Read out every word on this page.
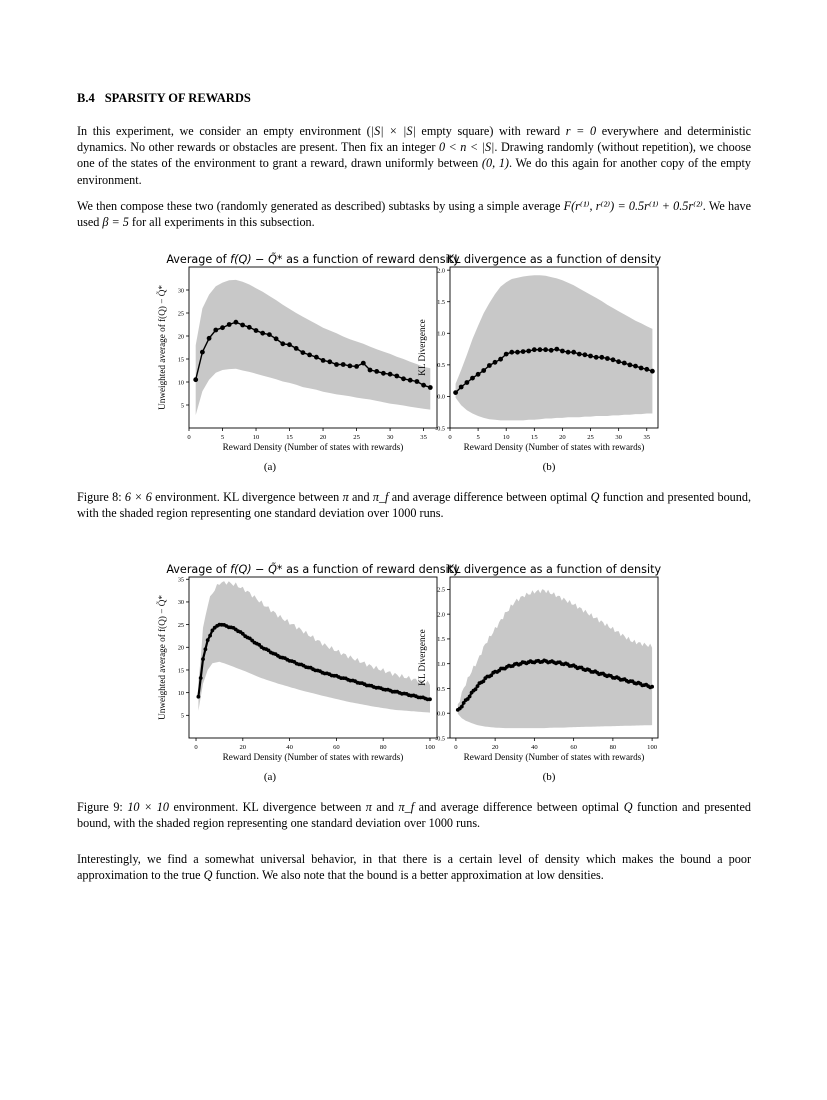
B.4 SPARSITY OF REWARDS

In this experiment, we consider an empty environment (|S| × |S| empty square) with reward r = 0 everywhere and deterministic dynamics. No other rewards or obstacles are present. Then fix an integer 0 < n < |S|. Drawing randomly (without repetition), we choose one of the states of the environment to grant a reward, drawn uniformly between (0, 1). We do this again for another copy of the empty environment.

We then compose these two (randomly generated as described) subtasks by using a simple average F(r⁽¹⁾, r⁽²⁾) = 0.5r⁽¹⁾ + 0.5r⁽²⁾. We have used β = 5 for all experiments in this subsection.

0	5	10	15	20	25	30	35
5
10
15
20
25
30
Average of f(Q) − Q̃* as a function of reward density
Reward Density (Number of states with rewards)
Unweighted average of f(Q) − Q̃*
0	5	10	15	20	25	30	35
-0.5
0.0
0.5
1.0
1.5
2.0
KL divergence as a function of density
Reward Density (Number of states with rewards)
KL Divergence
(a)	(b)

Figure 8: 6 × 6 environment. KL divergence between π and π_f and average difference between optimal Q function and presented bound, with the shaded region representing one standard deviation over 1000 runs.

0	20	40	60	80	100
5
10
15
20
25
30
35
Average of f(Q) − Q̃* as a function of reward density
Reward Density (Number of states with rewards)
Unweighted average of f(Q) − Q̃*
0	20	40	60	80	100
-0.5
0.0
0.5
1.0
1.5
2.0
2.5
KL divergence as a function of density
Reward Density (Number of states with rewards)
KL Divergence
(a)	(b)

Figure 9: 10 × 10 environment. KL divergence between π and π_f and average difference between optimal Q function and presented bound, with the shaded region representing one standard deviation over 1000 runs.

Interestingly, we find a somewhat universal behavior, in that there is a certain level of density which makes the bound a poor approximation to the true Q function. We also note that the bound is a better approximation at low densities.
